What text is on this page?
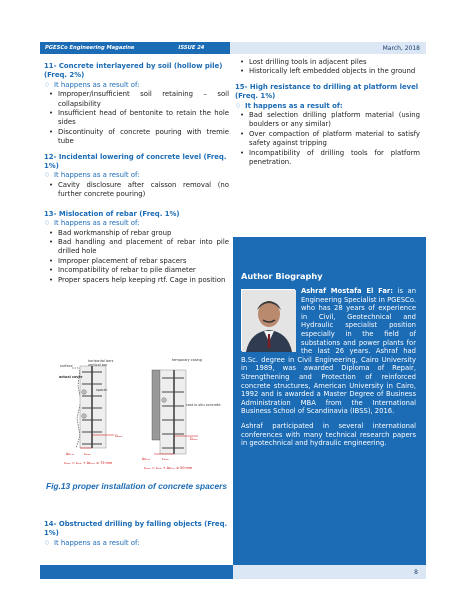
PGESCo Engineering Magazine	ISSUE 24	March, 2018
11- Concrete interlayered by soil (hollow pile) (Freq. 2%)
♢ It happens as a result of:
• Improper/insufficient soil retaining – soil collapsibility
• Insufficient head of bentonite to retain the hole sides
• Discontinuity of concrete pouring with tremie tube
12- Incidental lowering of concrete level (Freq. 1%)
♢ It happens as a result of:
• Cavity disclosure after caisson removal (no further concrete pouring)
13- Mislocation of rebar (Freq. 1%)
♢ It happens as a result of:
• Bad workmanship of rebar group
• Bad handling and placement of rebar into pile drilled hole
• Improper placement of rebar spacers
• Incompatibility of rebar to pile diameter
• Proper spacers help keeping rtf. Cage in position
horizontal bars
vertical bar
surface
actual cover
spacer
cₙₒₘ
Δcₑₓₑ
Dₙₒₘ
cₙₒₘ = cₘᵢₙ + Δcₑₓₑ ≥ 75 mm
temporary casing
cast in-situ concrete
cₙₒₘ
Δcₑₓₑ
Dₙₒₘ
cₙₒₘ = cₘᵢₙ + Δcₑₓₑ ≥ 50 mm
Fig.13 proper installation of concrete spacers
14- Obstructed drilling by falling objects (Freq. 1%)
♢ It happens as a result of:
• Lost drilling tools in adjacent piles
• Historically left embedded objects in the ground
15- High resistance to drilling at platform level (Freq. 1%)
♢ It happens as a result of:
• Bad selection drilling platform material (using boulders or any similar)
• Over compaction of platform material to satisfy safety against tripping
• Incompatibility of drilling tools for platform penetration.
Author Biography
Ashraf Mostafa El Far: is an Engineering Specialist in PGESCo. who has 28 years of experience in Civil, Geotechnical and Hydraulic specialist position especially in the field of substations and power plants for the last 26 years. Ashraf had B.Sc. degree in Civil Engineering, Cairo University in 1989, was awarded Diploma of Repair, Strengthening and Protection of reinforced concrete structures, American University in Cairo, 1992 and is awarded a Master Degree of Business Administration MBA from the International Business School of Scandinavia (IBSS), 2016.
Ashraf participated in several international conferences with many technical research papers in geotechnical and hydraulic engineering.
8
